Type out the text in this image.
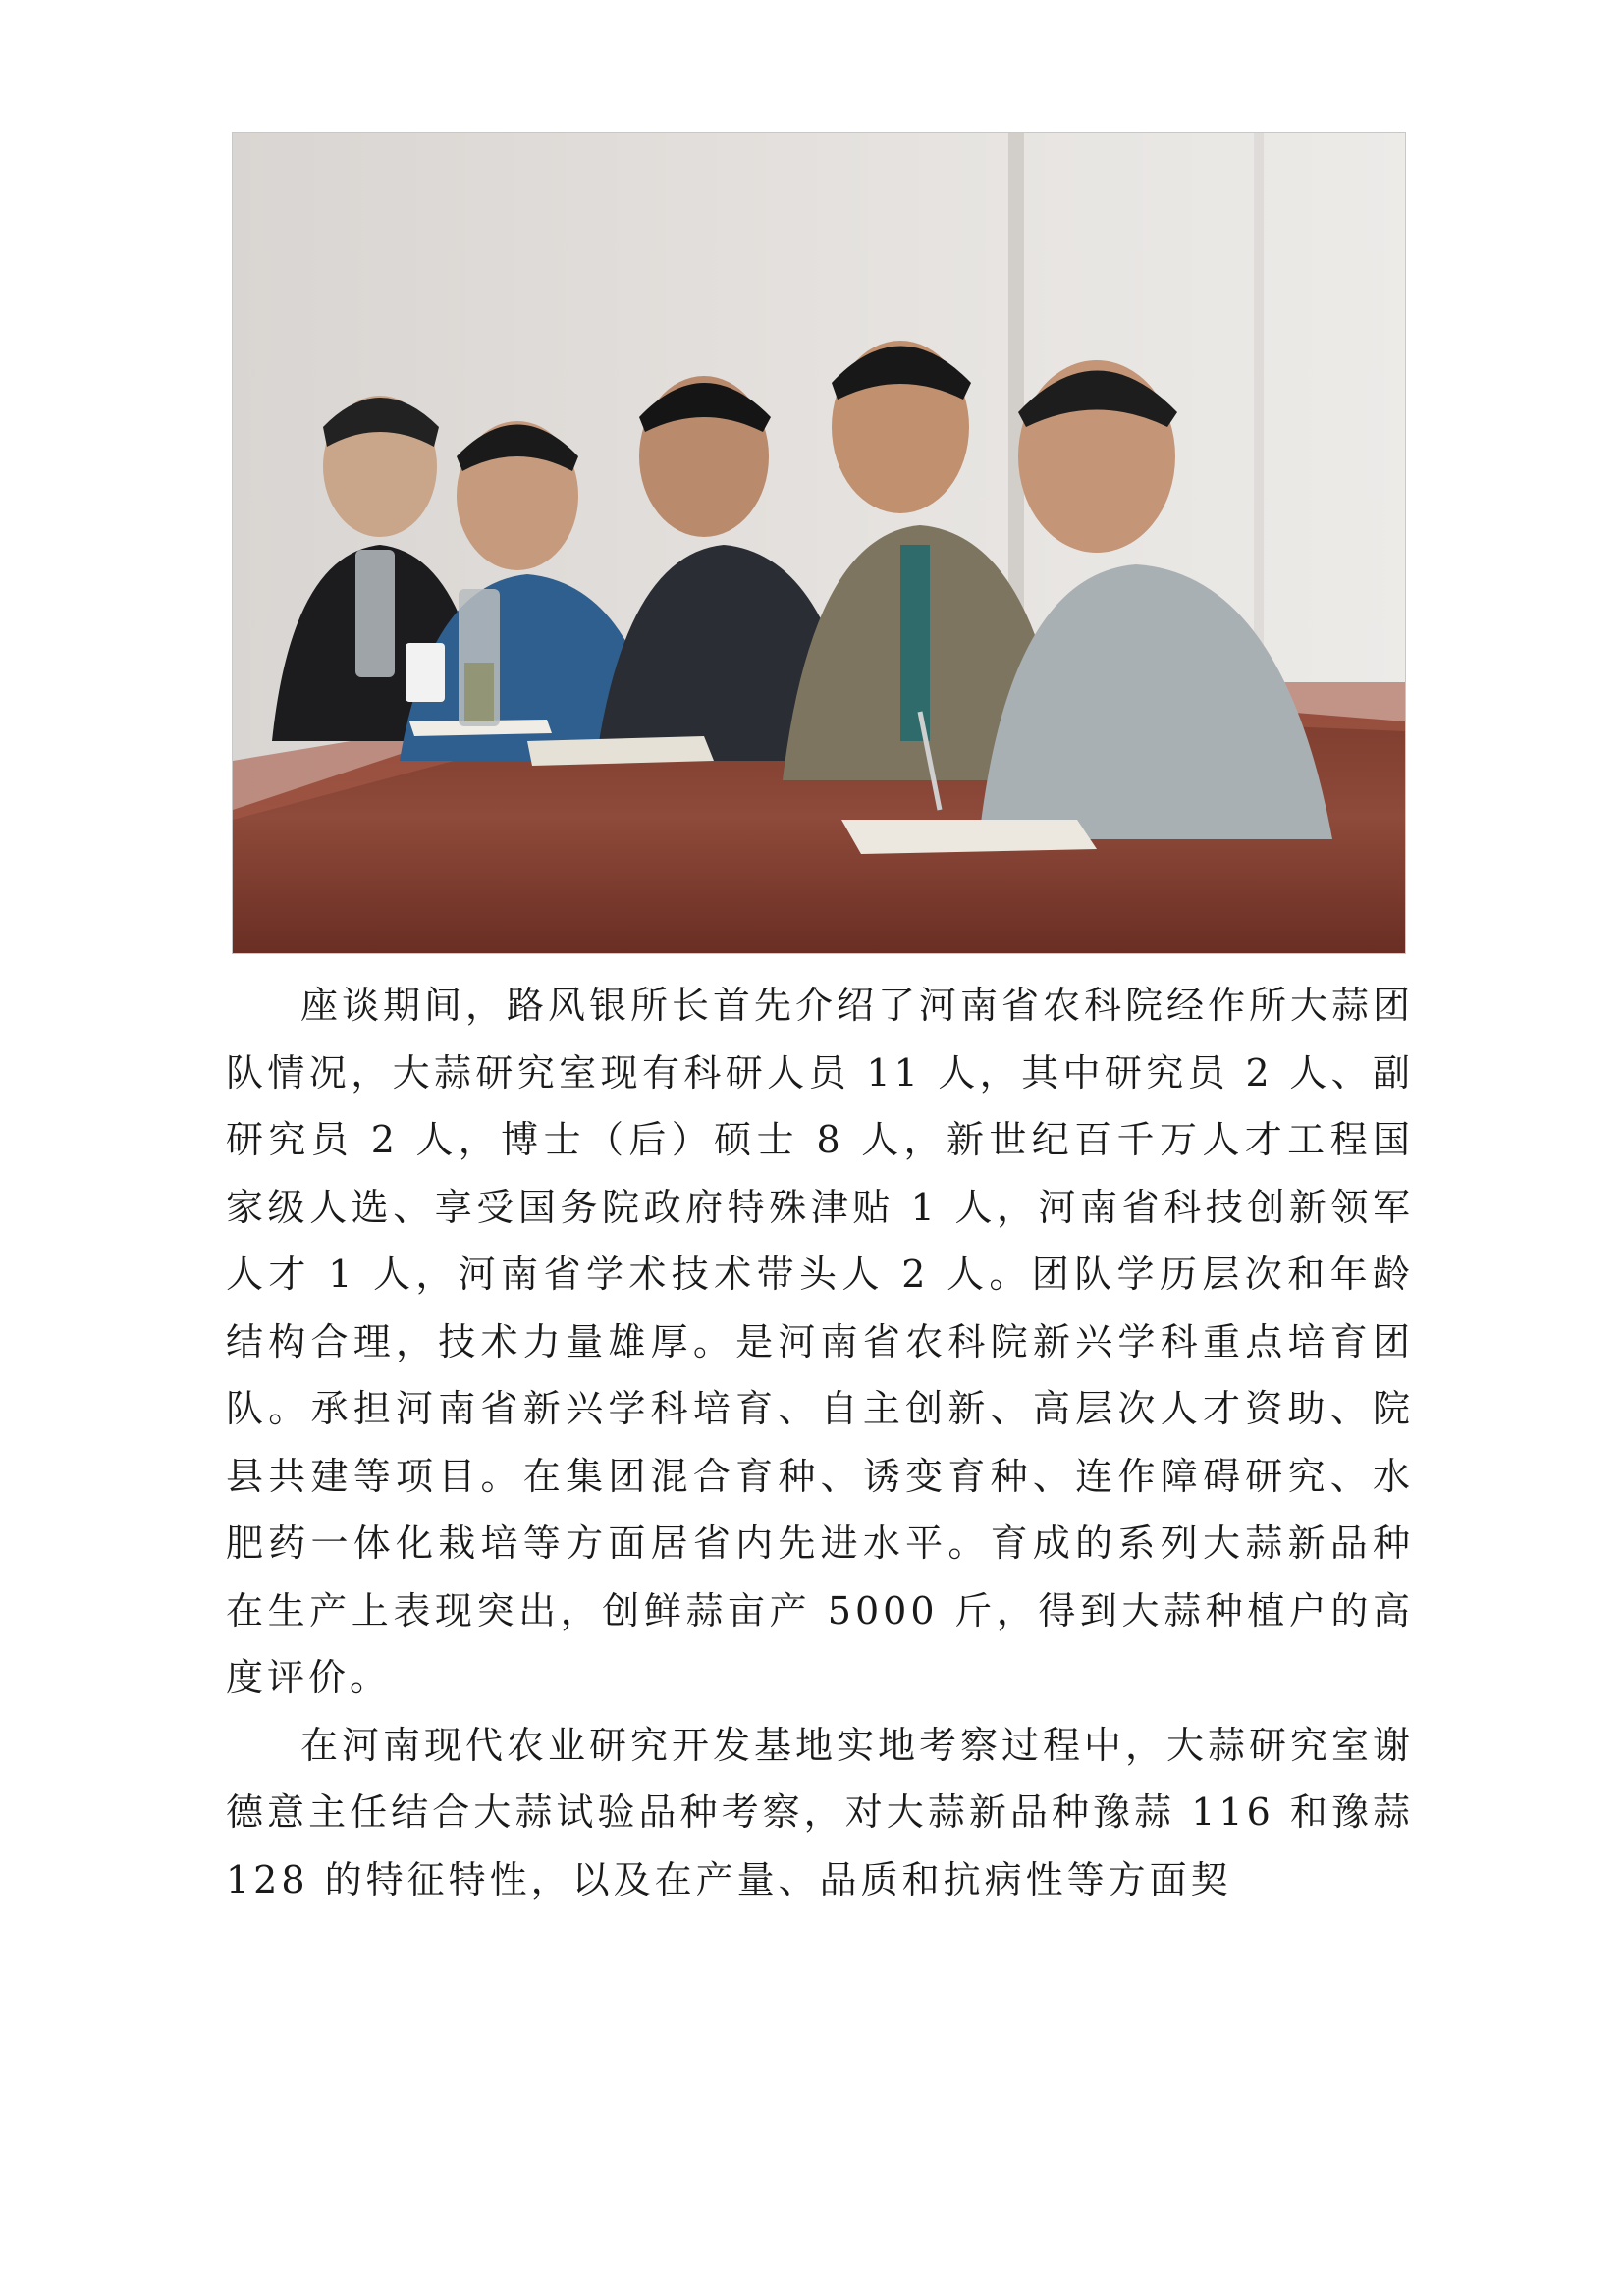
座谈期间，路风银所长首先介绍了河南省农科院经作所大蒜团队情况，大蒜研究室现有科研人员 11 人，其中研究员 2 人、副研究员 2 人，博士（后）硕士 8 人，新世纪百千万人才工程国家级人选、享受国务院政府特殊津贴 1 人，河南省科技创新领军人才 1 人，河南省学术技术带头人 2 人。团队学历层次和年龄结构合理，技术力量雄厚。是河南省农科院新兴学科重点培育团队。承担河南省新兴学科培育、自主创新、高层次人才资助、院县共建等项目。在集团混合育种、诱变育种、连作障碍研究、水肥药一体化栽培等方面居省内先进水平。育成的系列大蒜新品种在生产上表现突出，创鲜蒜亩产 5000 斤，得到大蒜种植户的高度评价。

在河南现代农业研究开发基地实地考察过程中，大蒜研究室谢德意主任结合大蒜试验品种考察，对大蒜新品种豫蒜 116 和豫蒜 128 的特征特性，以及在产量、品质和抗病性等方面契
